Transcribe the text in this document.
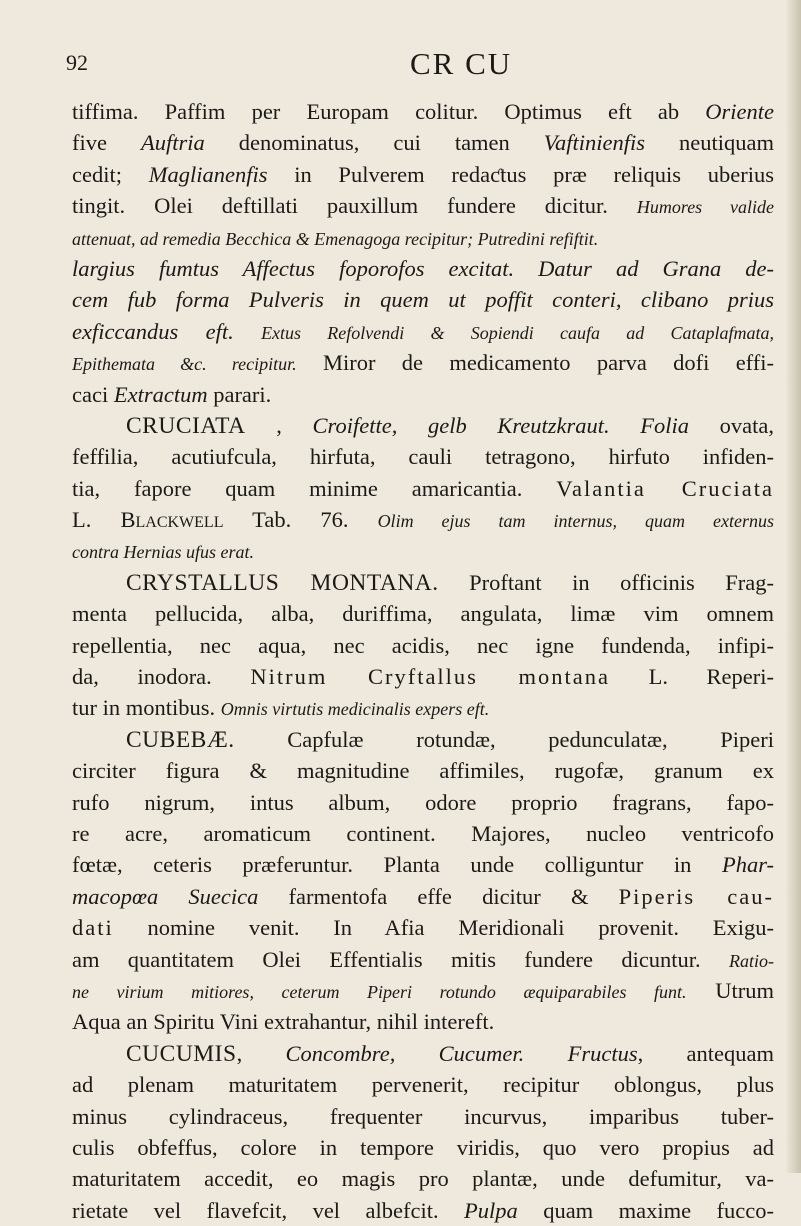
92	CR CU
tiffima. Paffim per Europam colitur. Optimus eft ab Oriente
five Auftria denominatus, cui tamen Vaftinienfis neutiquam
cedit; Maglianenfis in Pulverem redaƈtus præ reliquis uberius
tingit. Olei deftillati pauxillum fundere dicitur. Humores valide
attenuat, ad remedia Becchica & Emenagoga recipitur; Putredini refiftit.
largius fumtus Affectus foporofos excitat. Datur ad Grana de-
cem fub forma Pulveris in quem ut poffit conteri, clibano prius
exficcandus eft. Extus Refolvendi & Sopiendi caufa ad Cataplafmata,
Epithemata &c. recipitur. Miror de medicamento parva dofi effi-
caci Extractum parari.
CRUCIATA , Croifette, gelb Kreutzkraut. Folia ovata,
feffilia, acutiufcula, hirfuta, cauli tetragono, hirfuto infiden-
tia, fapore quam minime amaricantia. Valantia Cruciata
L. Blackwell Tab. 76. Olim ejus tam internus, quam externus
contra Hernias ufus erat.
CRYSTALLUS MONTANA. Proftant in officinis Frag-
menta pellucida, alba, duriffima, angulata, limæ vim omnem
repellentia, nec aqua, nec acidis, nec igne fundenda, infipi-
da, inodora. Nitrum Cryftallus montana L. Reperi-
tur in montibus. Omnis virtutis medicinalis expers eft.
CUBEBÆ. Capfulæ rotundæ, pedunculatæ, Piperi
circiter figura & magnitudine affimiles, rugofæ, granum ex
rufo nigrum, intus album, odore proprio fragrans, fapo-
re acre, aromaticum continent. Majores, nucleo ventricofo
fœtæ, ceteris præferuntur. Planta unde colliguntur in Phar-
macopœa Suecica farmentofa effe dicitur & Piperis cau-
dati nomine venit. In Afia Meridionali provenit. Exigu-
am quantitatem Olei Effentialis mitis fundere dicuntur. Ratio-
ne virium mitiores, ceterum Piperi rotundo æquiparabiles funt. Utrum
Aqua an Spiritu Vini extrahantur, nihil intereft.
CUCUMIS, Concombre, Cucumer. Fructus, antequam
ad plenam maturitatem pervenerit, recipitur oblongus, plus
minus cylindraceus, frequenter incurvus, imparibus tuber-
culis obfeffus, colore in tempore viridis, quo vero propius ad
maturitatem accedit, eo magis pro plantæ, unde defumitur, va-
rietate vel flavefcit, vel albefcit. Pulpa quam maxime fucco-
